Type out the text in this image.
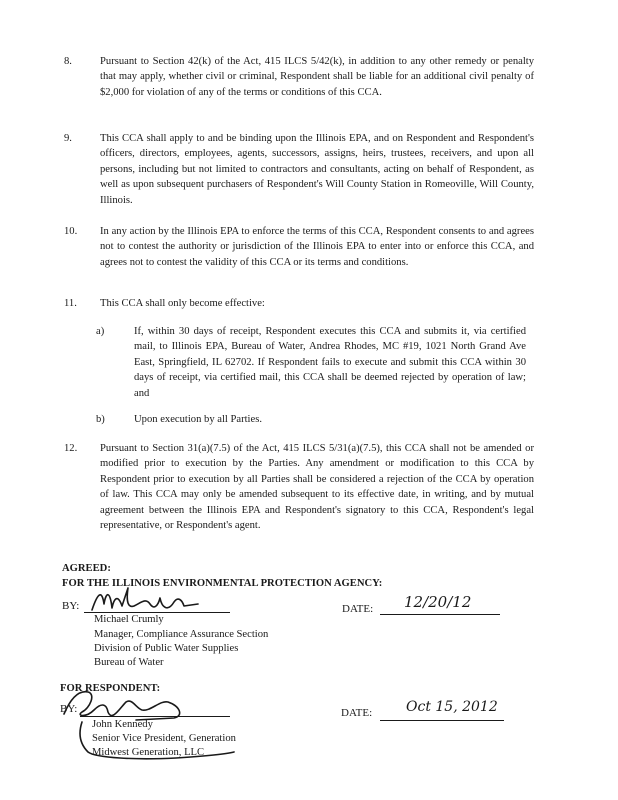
8.	Pursuant to Section 42(k) of the Act, 415 ILCS 5/42(k), in addition to any other remedy or penalty that may apply, whether civil or criminal, Respondent shall be liable for an additional civil penalty of $2,000 for violation of any of the terms or conditions of this CCA.
9.	This CCA shall apply to and be binding upon the Illinois EPA, and on Respondent and Respondent's officers, directors, employees, agents, successors, assigns, heirs, trustees, receivers, and upon all persons, including but not limited to contractors and consultants, acting on behalf of Respondent, as well as upon subsequent purchasers of Respondent's Will County Station in Romeoville, Will County, Illinois.
10.	In any action by the Illinois EPA to enforce the terms of this CCA, Respondent consents to and agrees not to contest the authority or jurisdiction of the Illinois EPA to enter into or enforce this CCA, and agrees not to contest the validity of this CCA or its terms and conditions.
11.	This CCA shall only become effective:
a)	If, within 30 days of receipt, Respondent executes this CCA and submits it, via certified mail, to Illinois EPA, Bureau of Water, Andrea Rhodes, MC #19, 1021 North Grand Ave East, Springfield, IL 62702. If Respondent fails to execute and submit this CCA within 30 days of receipt, via certified mail, this CCA shall be deemed rejected by operation of law; and
b)	Upon execution by all Parties.
12.	Pursuant to Section 31(a)(7.5) of the Act, 415 ILCS 5/31(a)(7.5), this CCA shall not be amended or modified prior to execution by the Parties. Any amendment or modification to this CCA by Respondent prior to execution by all Parties shall be considered a rejection of the CCA by operation of law. This CCA may only be amended subsequent to its effective date, in writing, and by mutual agreement between the Illinois EPA and Respondent's signatory to this CCA, Respondent's legal representative, or Respondent's agent.
AGREED:
FOR THE ILLINOIS ENVIRONMENTAL PROTECTION AGENCY:
BY:	DATE: 12/20/12
Michael Crumly
Manager, Compliance Assurance Section
Division of Public Water Supplies
Bureau of Water
FOR RESPONDENT:
BY:	DATE: Oct 15, 2012
John Kennedy
Senior Vice President, Generation
Midwest Generation, LLC
